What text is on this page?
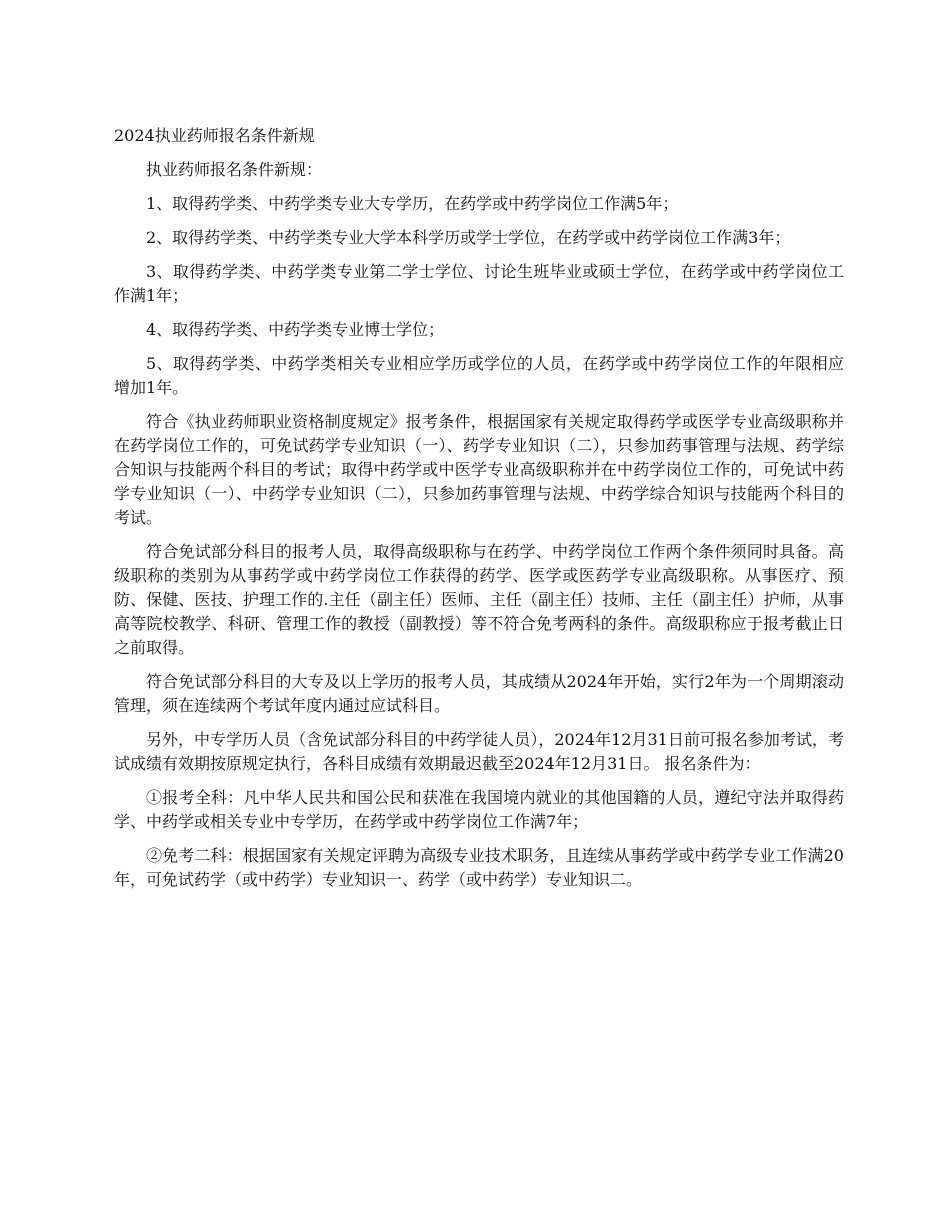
2024执业药师报名条件新规

执业药师报名条件新规：

1、取得药学类、中药学类专业大专学历，在药学或中药学岗位工作满5年；

2、取得药学类、中药学类专业大学本科学历或学士学位，在药学或中药学岗位工作满3年；

3、取得药学类、中药学类专业第二学士学位、讨论生班毕业或硕士学位，在药学或中药学岗位工作满1年；

4、取得药学类、中药学类专业博士学位；

5、取得药学类、中药学类相关专业相应学历或学位的人员，在药学或中药学岗位工作的年限相应增加1年。

符合《执业药师职业资格制度规定》报考条件，根据国家有关规定取得药学或医学专业高级职称并在药学岗位工作的，可免试药学专业知识（一）、药学专业知识（二），只参加药事管理与法规、药学综合知识与技能两个科目的考试；取得中药学或中医学专业高级职称并在中药学岗位工作的，可免试中药学专业知识（一）、中药学专业知识（二），只参加药事管理与法规、中药学综合知识与技能两个科目的考试。

符合免试部分科目的报考人员，取得高级职称与在药学、中药学岗位工作两个条件须同时具备。高级职称的类别为从事药学或中药学岗位工作获得的药学、医学或医药学专业高级职称。从事医疗、预防、保健、医技、护理工作的.主任（副主任）医师、主任（副主任）技师、主任（副主任）护师，从事高等院校教学、科研、管理工作的教授（副教授）等不符合免考两科的条件。高级职称应于报考截止日之前取得。

符合免试部分科目的大专及以上学历的报考人员，其成绩从2024年开始，实行2年为一个周期滚动管理，须在连续两个考试年度内通过应试科目。

另外，中专学历人员（含免试部分科目的中药学徒人员），2024年12月31日前可报名参加考试，考试成绩有效期按原规定执行，各科目成绩有效期最迟截至2024年12月31日。 报名条件为：

①报考全科：凡中华人民共和国公民和获准在我国境内就业的其他国籍的人员，遵纪守法并取得药学、中药学或相关专业中专学历，在药学或中药学岗位工作满7年；

②免考二科：根据国家有关规定评聘为高级专业技术职务，且连续从事药学或中药学专业工作满20年，可免试药学（或中药学）专业知识一、药学（或中药学）专业知识二。
